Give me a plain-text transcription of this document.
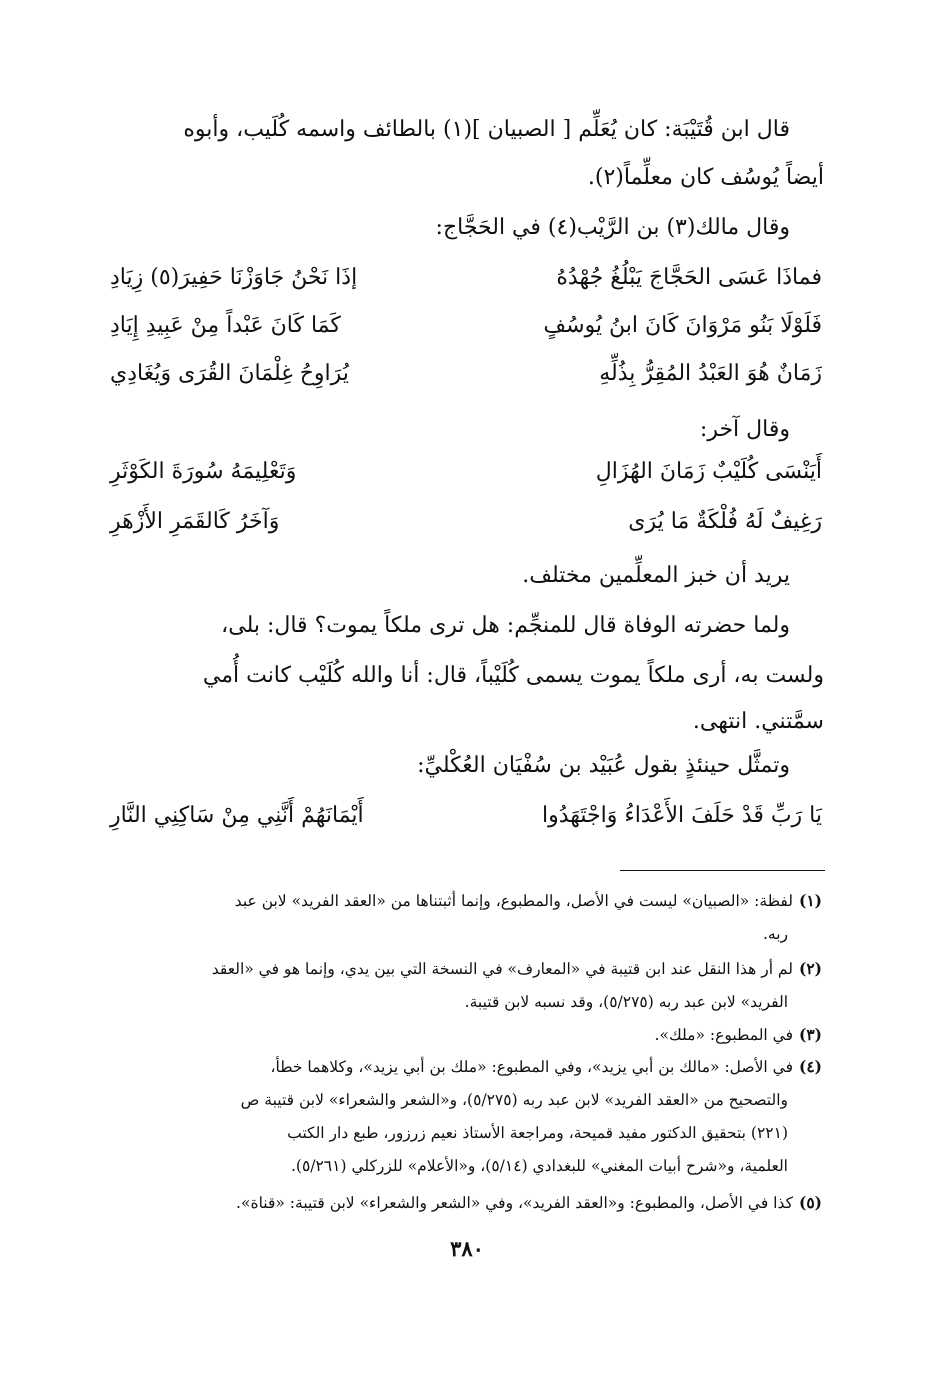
قال ابن قُتَيْبَة: كان يُعَلِّم [ الصبيان ](١) بالطائف واسمه كُلَيب، وأبوه
أيضاً يُوسُف كان معلِّماً(٢).
وقال مالك(٣) بن الرَّيْب(٤) في الحَجَّاج:
فماذَا عَسَى الحَجَّاجَ يَبْلُغُ جُهْدُهُ
إذَا نَحْنُ جَاوَزْنَا حَفِيرَ(٥) زِيَادِ
فَلَوْلَا بَنُو مَرْوَانَ كَانَ ابنُ يُوسُفٍ
كَمَا كَانَ عَبْداً مِنْ عَبِيدِ إِيَادِ
زَمَانٌ هُوَ العَبْدُ المُقِرُّ بِذُلِّهِ
يُرَاوِحُ غِلْمَانَ القُرَى وَيُغَادِي
وقال آخر:
أَيَنْسَى كُلَيْبٌ زَمَانَ الهُزَالِ
وَتَعْلِيمَهُ سُورَةَ الكَوْثَرِ
رَغِيفٌ لَهُ فُلْكَةٌ مَا يُرَى
وَآخَرُ كَالقَمَرِ الأَزْهَرِ
يريد أن خبز المعلِّمين مختلف.
ولما حضرته الوفاة قال للمنجِّم: هل ترى ملكاً يموت؟ قال: بلى،
ولست به، أرى ملكاً يموت يسمى كُلَيْباً، قال: أنا والله كُلَيْب كانت أُمي
سمَّتني. انتهى.
وتمثَّل حينئذٍ بقول عُبَيْد بن سُفْيَان العُكْليِّ:
يَا رَبِّ قَدْ حَلَفَ الأَعْدَاءُ وَاجْتَهَدُوا
أَيْمَانَهُمْ أَنَّنِي مِنْ سَاكِنِي النَّارِ
(١)لفظة: «الصبيان» ليست في الأصل، والمطبوع، وإنما أثبتناها من «العقد الفريد» لابن عبد
ربه.
(٢)لم أر هذا النقل عند ابن قتيبة في «المعارف» في النسخة التي بين يدي، وإنما هو في «العقد
الفريد» لابن عبد ربه (٥/٢٧٥)، وقد نسبه لابن قتيبة.
(٣)في المطبوع: «ملك».
(٤)في الأصل: «مالك بن أبي يزيد»، وفي المطبوع: «ملك بن أبي يزيد»، وكلاهما خطأ،
والتصحيح من «العقد الفريد» لابن عبد ربه (٥/٢٧٥)، و«الشعر والشعراء» لابن قتيبة ص
(٢٢١) بتحقيق الدكتور مفيد قميحة، ومراجعة الأستاذ نعيم زرزور، طبع دار الكتب
العلمية، و«شرح أبيات المغني» للبغدادي (٥/١٤)، و«الأعلام» للزركلي (٥/٢٦١).
(٥)كذا في الأصل، والمطبوع: و«العقد الفريد»، وفي «الشعر والشعراء» لابن قتيبة: «قناة».
٣٨٠
